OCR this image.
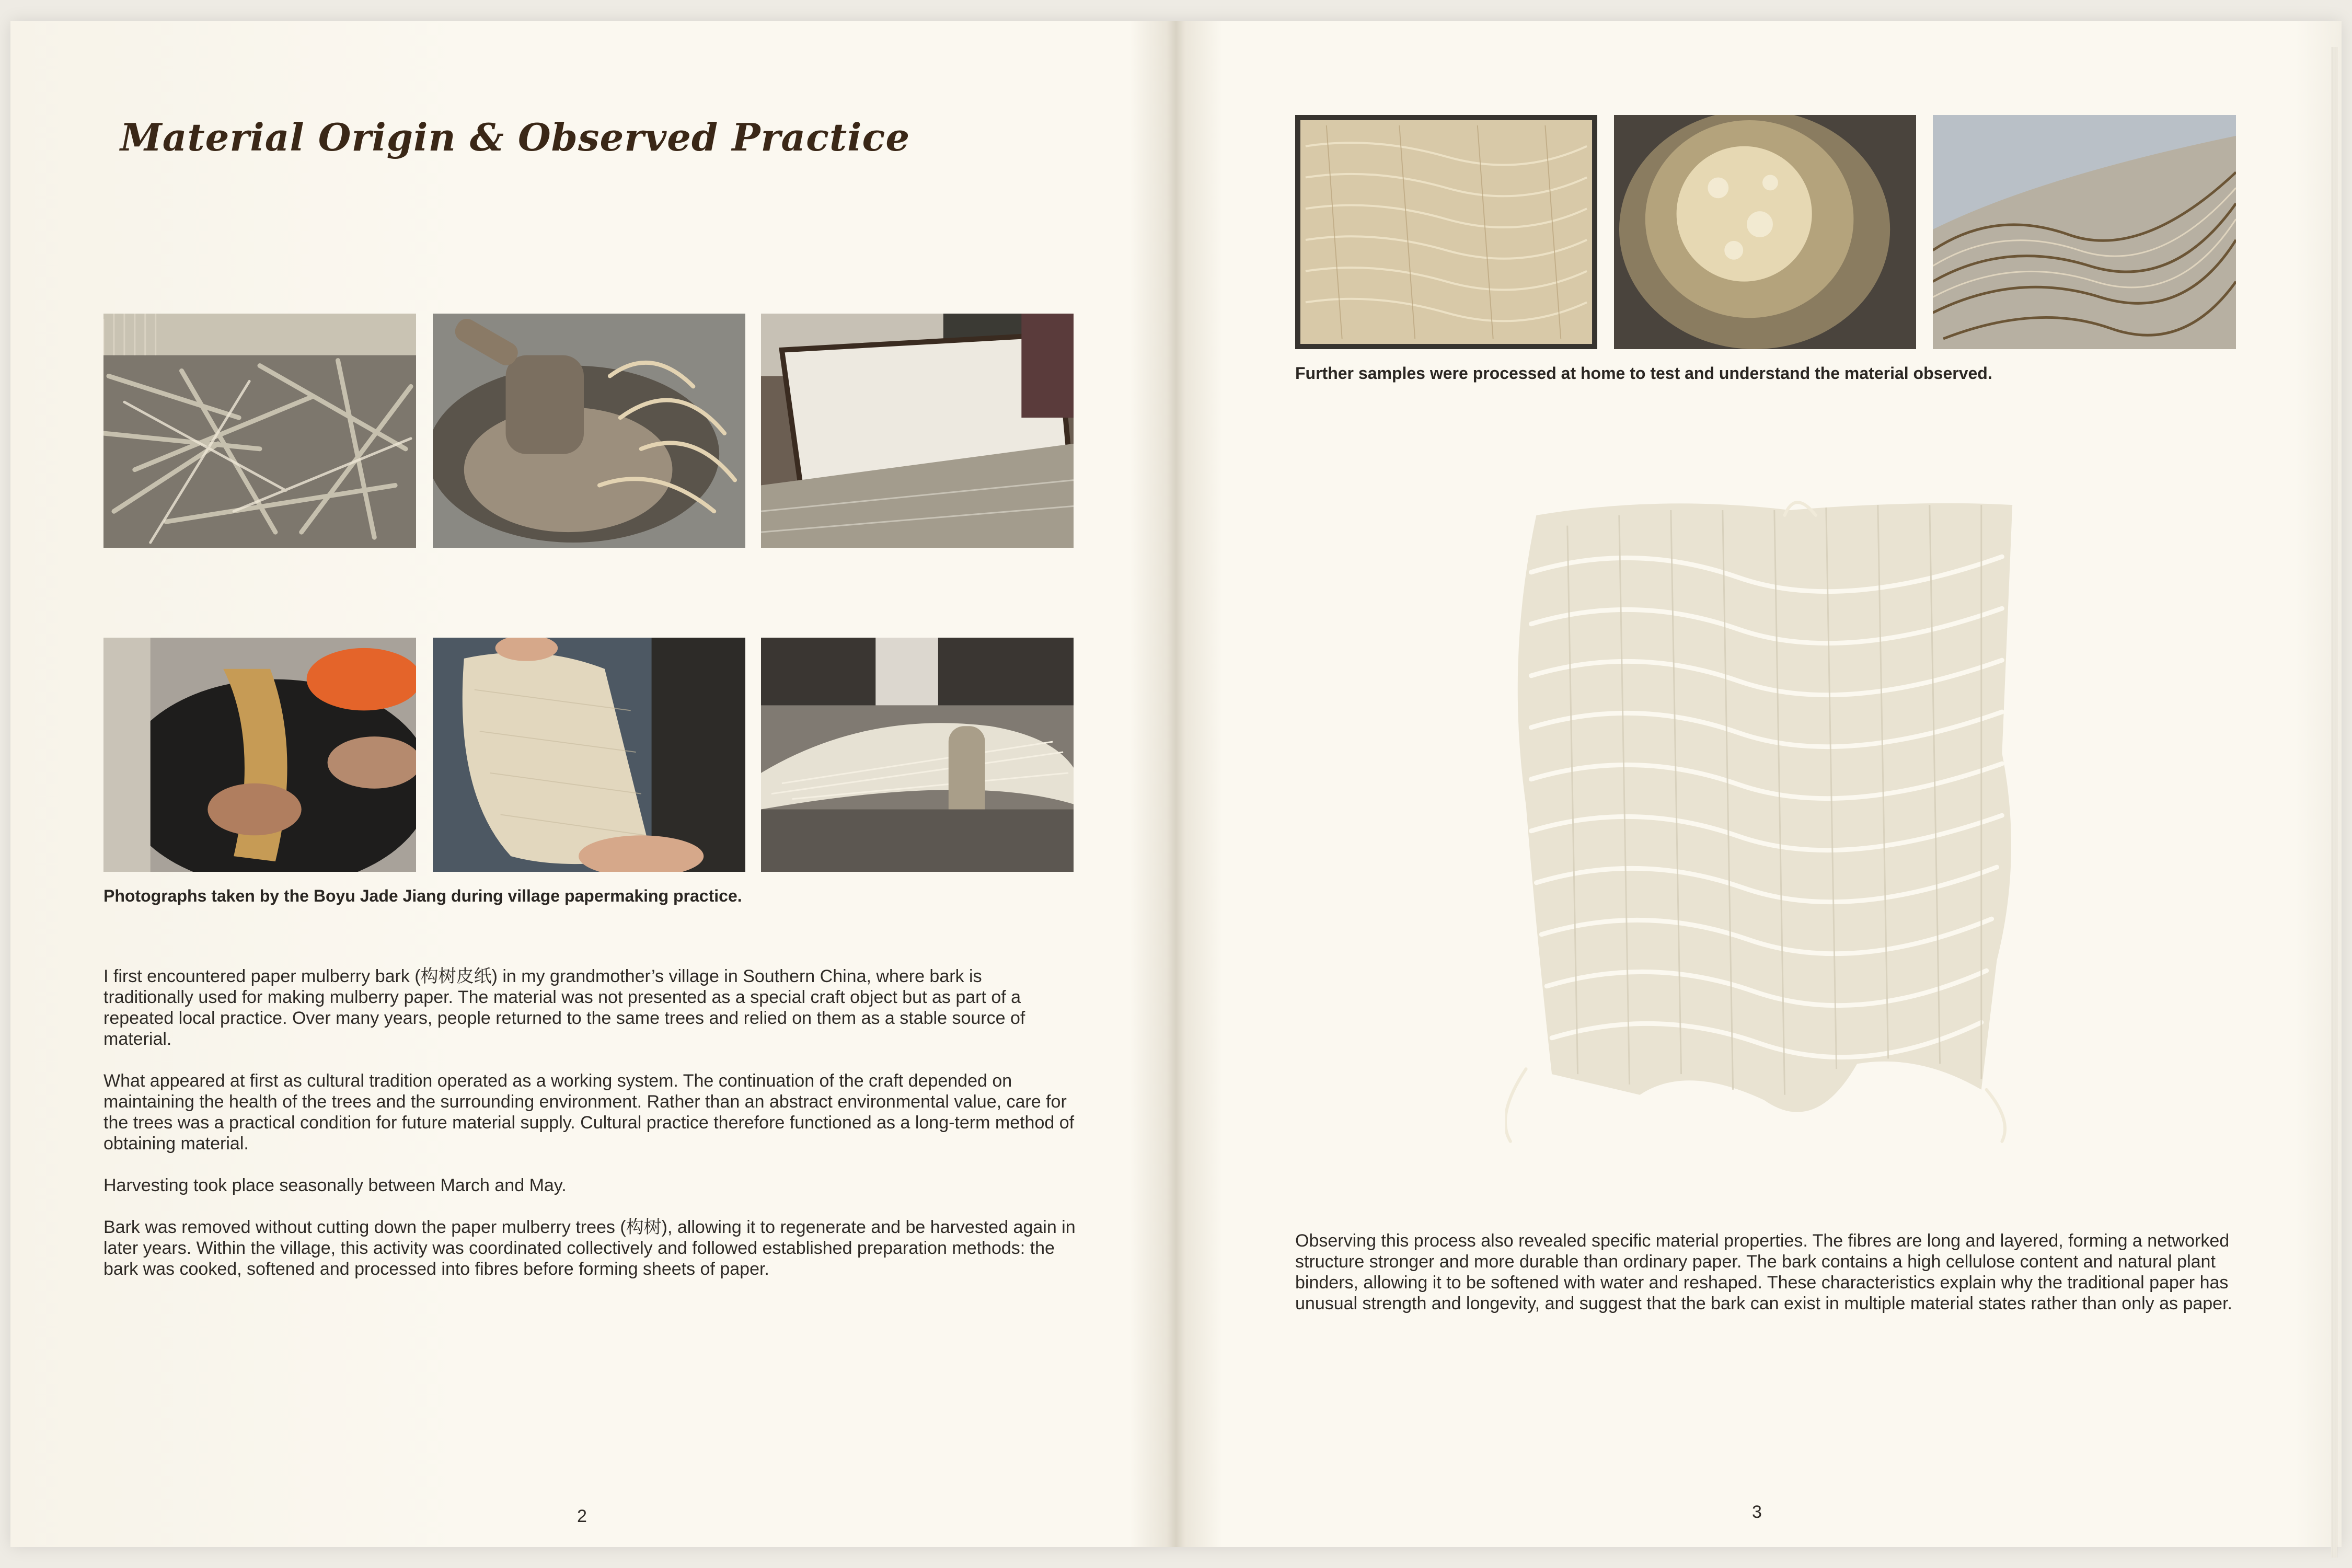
Material Origin & Observed Practice
Photographs taken by the Boyu Jade Jiang during village papermaking practice.

I first encountered paper mulberry bark (构树皮纸) in my grandmother’s village in Southern China, where bark is traditionally used for making mulberry paper. The material was not presented as a special craft object but as part of a repeated local practice. Over many years, people returned to the same trees and relied on them as a stable source of material.

What appeared at first as cultural tradition operated as a working system. The continuation of the craft depended on maintaining the health of the trees and the surrounding environment. Rather than an abstract environmental value, care for the trees was a practical condition for future material supply. Cultural practice therefore functioned as a long-term method of obtaining material.

Harvesting took place seasonally between March and May.

Bark was removed without cutting down the paper mulberry trees (构树), allowing it to regenerate and be harvested again in later years. Within the village, this activity was coordinated collectively and followed established preparation methods: the bark was cooked, softened and processed into fibres before forming sheets of paper.

2
Further samples were processed at home to test and understand the material observed.

Observing this process also revealed specific material properties. The fibres are long and layered, forming a networked structure stronger and more durable than ordinary paper. The bark contains a high cellulose content and natural plant binders, allowing it to be softened with water and reshaped. These characteristics explain why the traditional paper has unusual strength and longevity, and suggest that the bark can exist in multiple material states rather than only as paper.

3
